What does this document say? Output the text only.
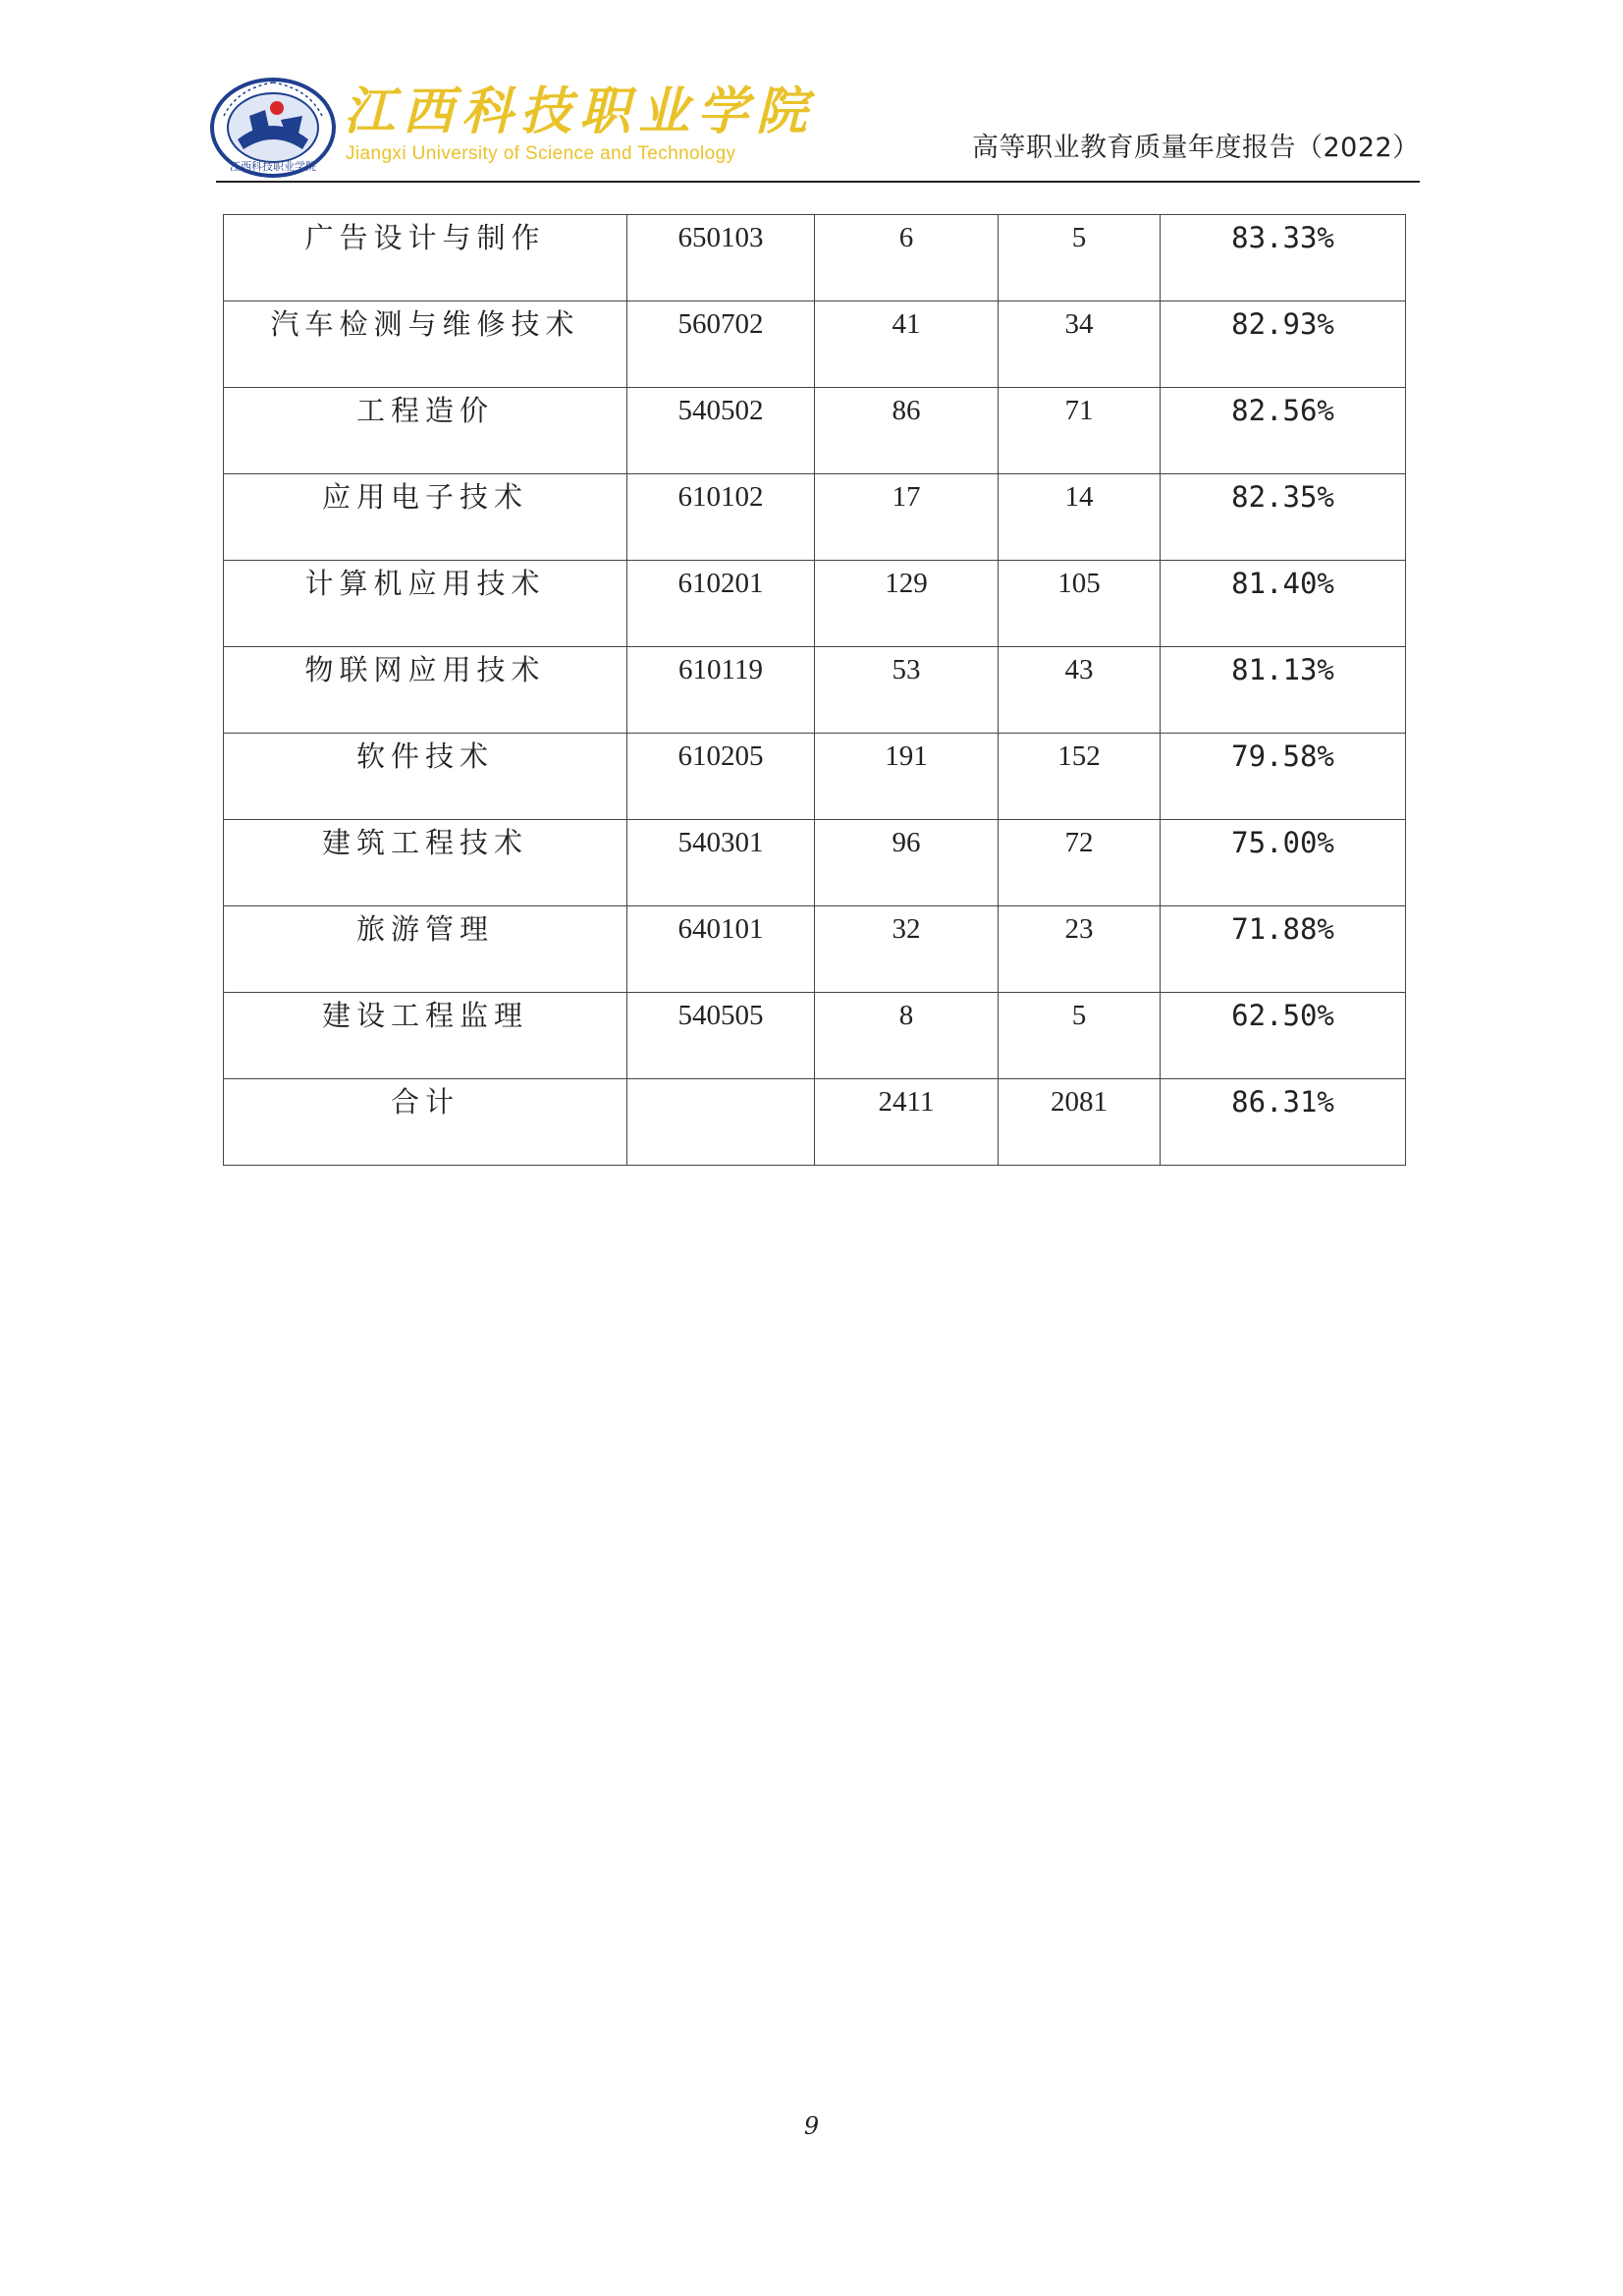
江西科技职业学院
江西科技职业学院
Jiangxi University of Science and Technology	高等职业教育质量年度报告（2022）
广告设计与制作	650103	6	5	83.33%

汽车检测与维修技术	560702	41	34	82.93%

工程造价	540502	86	71	82.56%

应用电子技术	610102	17	14	82.35%

计算机应用技术	610201	129	105	81.40%

物联网应用技术	610119	53	43	81.13%

软件技术	610205	191	152	79.58%

建筑工程技术	540301	96	72	75.00%

旅游管理	640101	32	23	71.88%

建设工程监理	540505	8	5	62.50%

合计		2411	2081	86.31%
9
